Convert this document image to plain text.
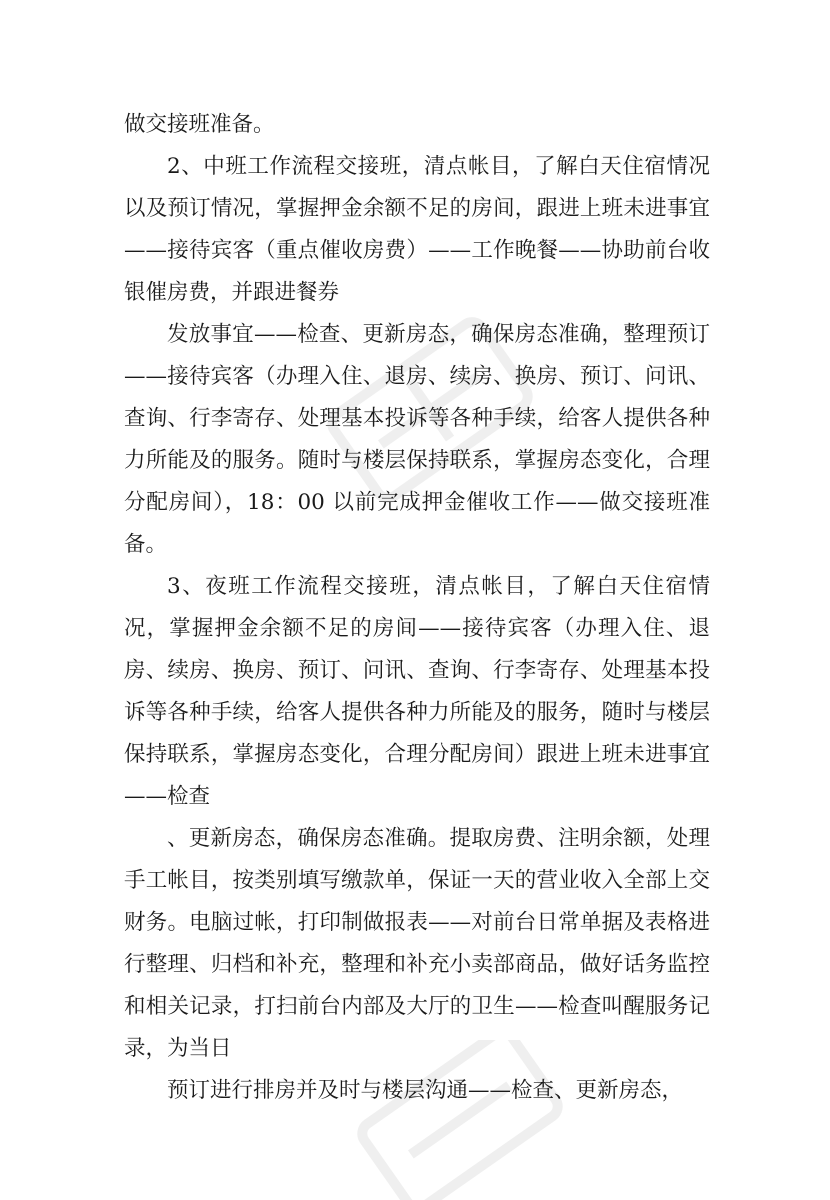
做交接班准备。

2、中班工作流程交接班，清点帐目，了解白天住宿情况以及预订情况，掌握押金余额不足的房间，跟进上班未进事宜——接待宾客（重点催收房费）——工作晚餐——协助前台收银催房费，并跟进餐券

发放事宜——检查、更新房态，确保房态准确，整理预订——接待宾客（办理入住、退房、续房、换房、预订、问讯、查询、行李寄存、处理基本投诉等各种手续，给客人提供各种力所能及的服务。随时与楼层保持联系，掌握房态变化，合理分配房间），18：00 以前完成押金催收工作——做交接班准备。

3、夜班工作流程交接班，清点帐目，了解白天住宿情况，掌握押金余额不足的房间——接待宾客（办理入住、退房、续房、换房、预订、问讯、查询、行李寄存、处理基本投诉等各种手续，给客人提供各种力所能及的服务，随时与楼层保持联系，掌握房态变化，合理分配房间）跟进上班未进事宜——检查

、更新房态，确保房态准确。提取房费、注明余额，处理手工帐目，按类别填写缴款单，保证一天的营业收入全部上交财务。电脑过帐，打印制做报表——对前台日常单据及表格进行整理、归档和补充，整理和补充小卖部商品，做好话务监控和相关记录，打扫前台内部及大厅的卫生——检查叫醒服务记录，为当日

预订进行排房并及时与楼层沟通——检查、更新房态，
